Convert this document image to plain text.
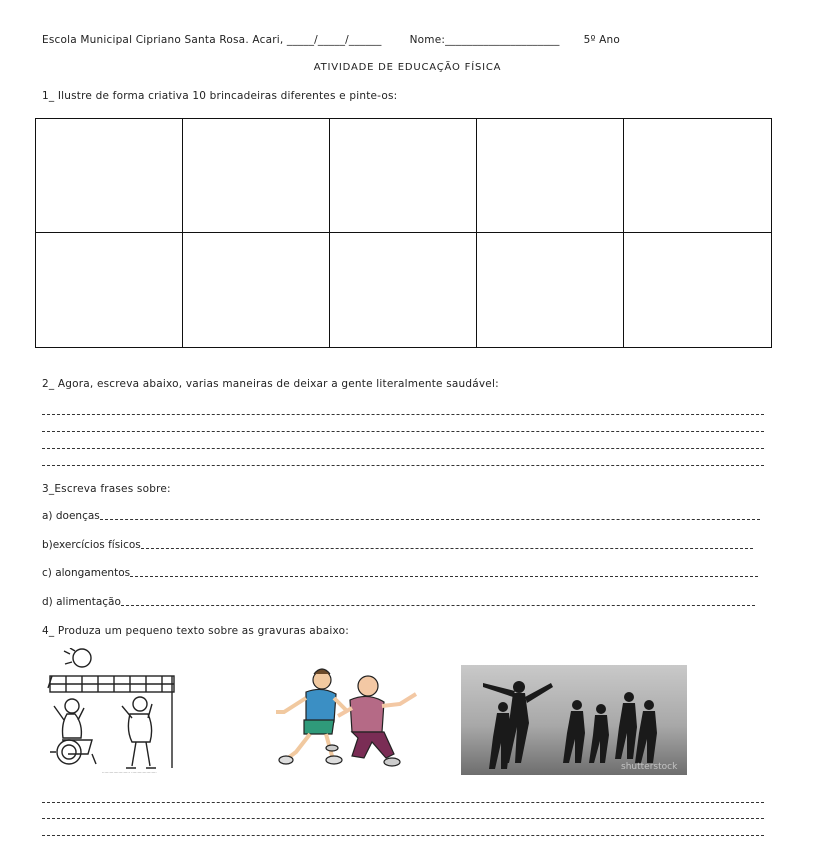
Escola Municipal Cipriano Santa Rosa. Acari, _____/_____/______	Nome:_____________________ 5º Ano
ATIVIDADE DE EDUCAÇÃO FÍSICA
1_ Ilustre de forma criativa 10 brincadeiras diferentes e pinte-os:
2_ Agora, escreva abaixo, varias maneiras de deixar a gente literalmente saudável:
3_Escreva frases sobre:
a) doenças
b)exercícios físicos
c) alongamentos
d) alimentação
4_ Produza um pequeno texto sobre as gravuras abaixo:
...................... ....................	shutterstock
